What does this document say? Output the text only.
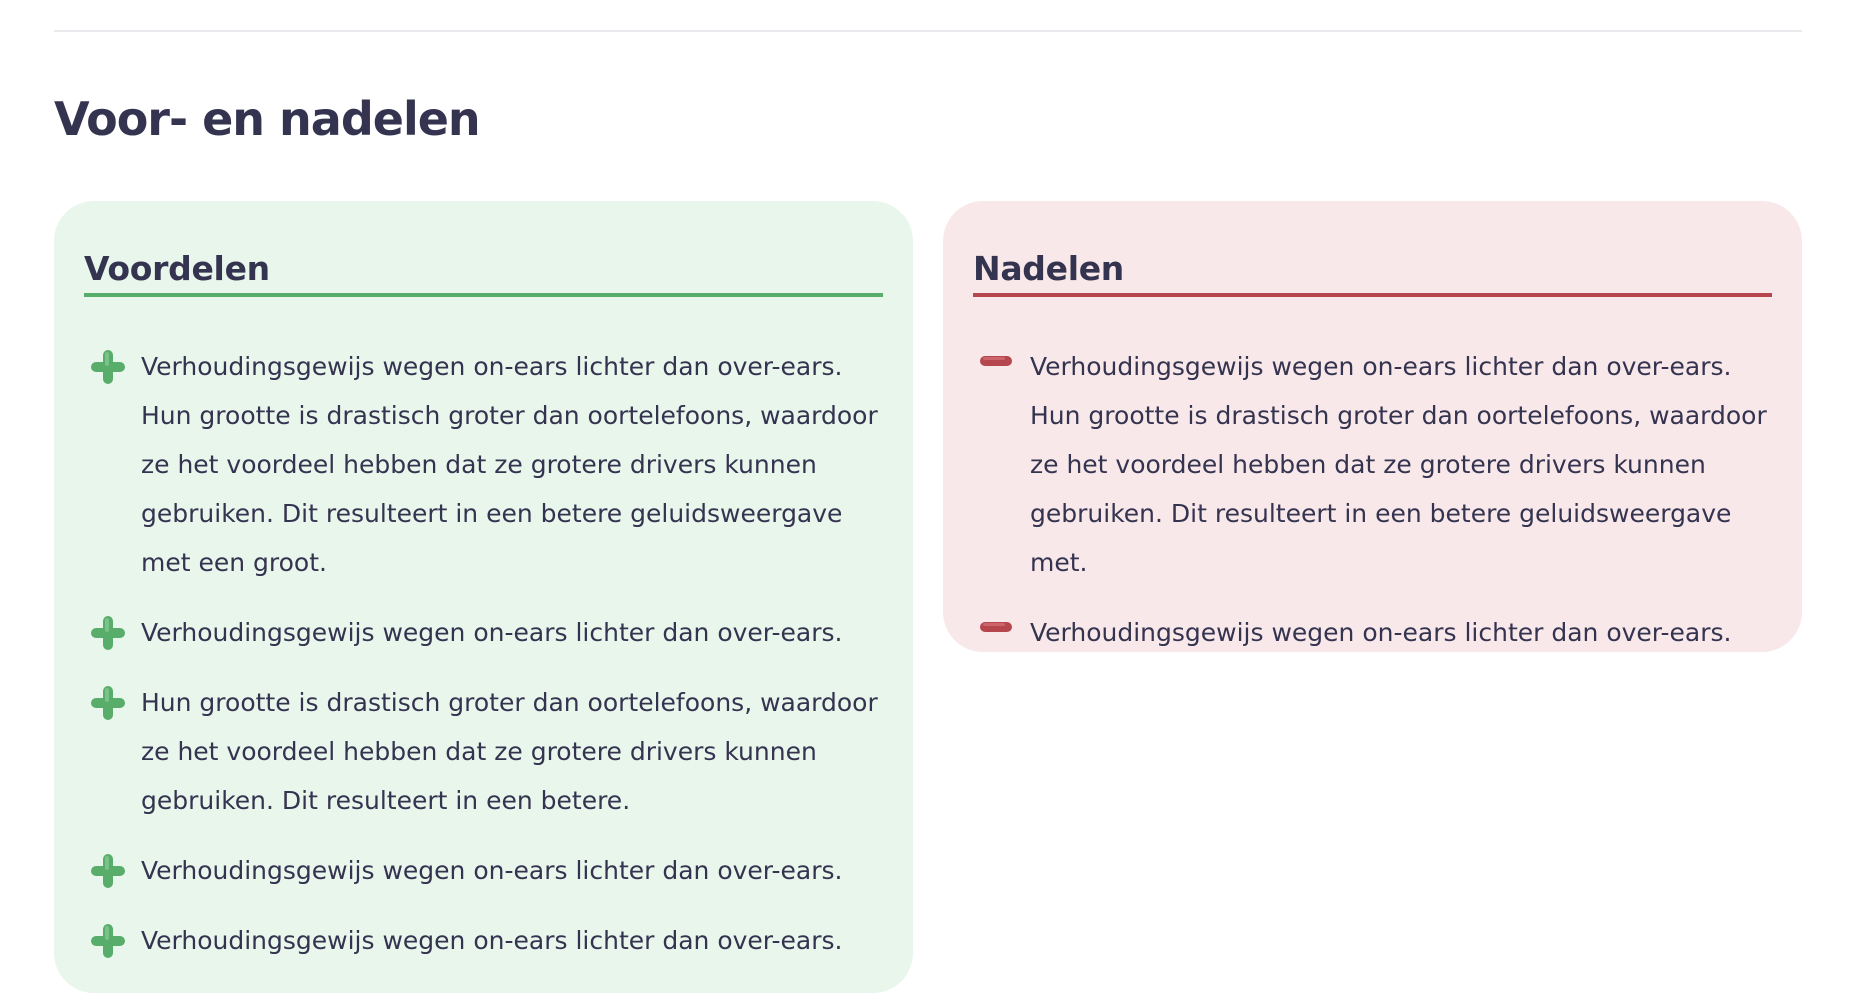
Voor- en nadelen
Voordelen
Verhoudingsgewijs wegen on-ears lichter dan over-ears. Hun grootte is drastisch groter dan oortelefoons, waardoor ze het voordeel hebben dat ze grotere drivers kunnen gebruiken. Dit resulteert in een betere geluidsweergave met een groot.
Verhoudingsgewijs wegen on-ears lichter dan over-ears.
Hun grootte is drastisch groter dan oortelefoons, waardoor ze het voordeel hebben dat ze grotere drivers kunnen gebruiken. Dit resulteert in een betere.
Verhoudingsgewijs wegen on-ears lichter dan over-ears.
Verhoudingsgewijs wegen on-ears lichter dan over-ears.
Nadelen
Verhoudingsgewijs wegen on-ears lichter dan over-ears. Hun grootte is drastisch groter dan oortelefoons, waardoor ze het voordeel hebben dat ze grotere drivers kunnen gebruiken. Dit resulteert in een betere geluidsweergave met.
Verhoudingsgewijs wegen on-ears lichter dan over-ears.
